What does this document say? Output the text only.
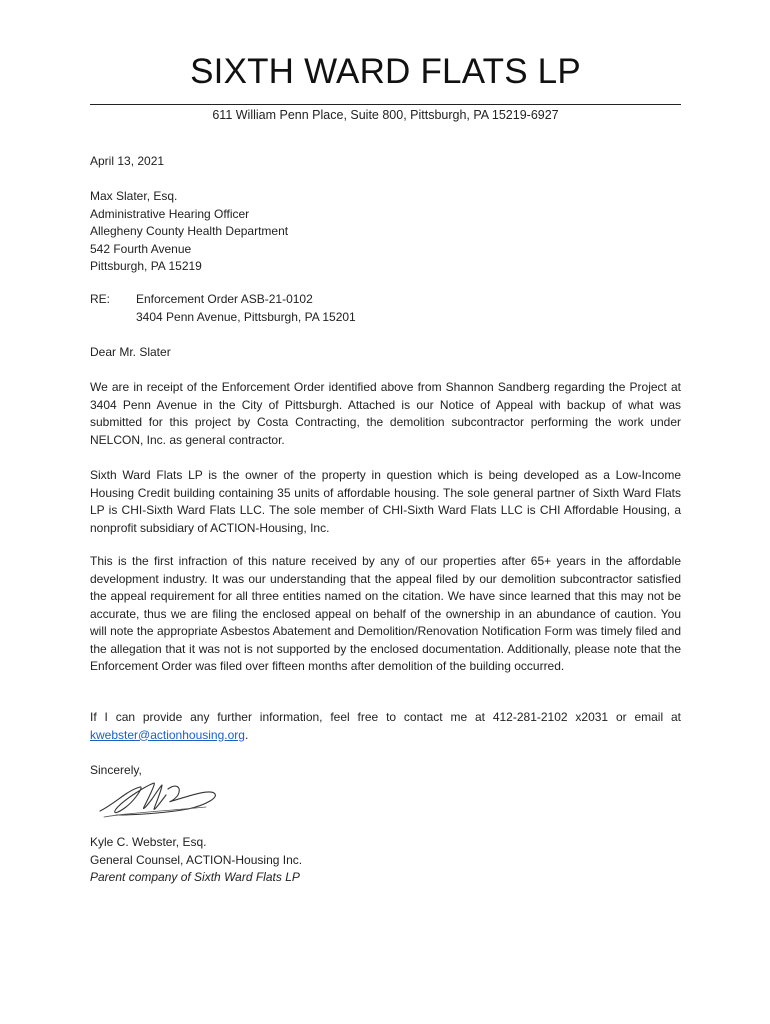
SIXTH WARD FLATS LP
611 William Penn Place, Suite 800, Pittsburgh, PA 15219-6927
April 13, 2021
Max Slater, Esq.
Administrative Hearing Officer
Allegheny County Health Department
542 Fourth Avenue
Pittsburgh, PA 15219
RE: Enforcement Order ASB-21-0102
3404 Penn Avenue, Pittsburgh, PA 15201
Dear Mr. Slater
We are in receipt of the Enforcement Order identified above from Shannon Sandberg regarding the Project at 3404 Penn Avenue in the City of Pittsburgh. Attached is our Notice of Appeal with backup of what was submitted for this project by Costa Contracting, the demolition subcontractor performing the work under NELCON, Inc. as general contractor.
Sixth Ward Flats LP is the owner of the property in question which is being developed as a Low-Income Housing Credit building containing 35 units of affordable housing. The sole general partner of Sixth Ward Flats LP is CHI-Sixth Ward Flats LLC. The sole member of CHI-Sixth Ward Flats LLC is CHI Affordable Housing, a nonprofit subsidiary of ACTION-Housing, Inc.
This is the first infraction of this nature received by any of our properties after 65+ years in the affordable development industry. It was our understanding that the appeal filed by our demolition subcontractor satisfied the appeal requirement for all three entities named on the citation. We have since learned that this may not be accurate, thus we are filing the enclosed appeal on behalf of the ownership in an abundance of caution. You will note the appropriate Asbestos Abatement and Demolition/Renovation Notification Form was timely filed and the allegation that it was not is not supported by the enclosed documentation. Additionally, please note that the Enforcement Order was filed over fifteen months after demolition of the building occurred.
If I can provide any further information, feel free to contact me at 412-281-2102 x2031 or email at kwebster@actionhousing.org.
Sincerely,
Kyle C. Webster, Esq.
General Counsel, ACTION-Housing Inc.
Parent company of Sixth Ward Flats LP
